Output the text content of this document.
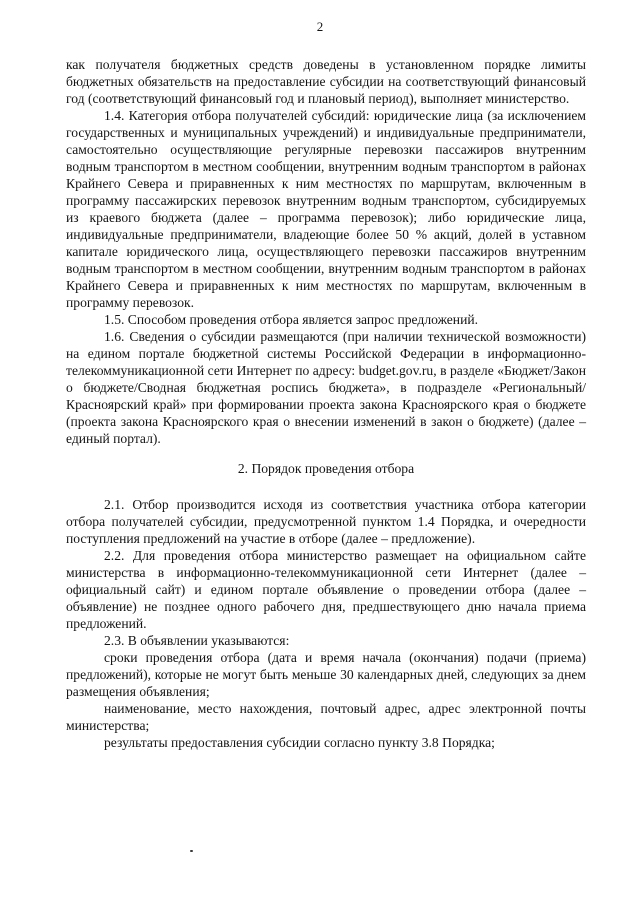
2

как получателя бюджетных средств доведены в установленном порядке лимиты бюджетных обязательств на предоставление субсидии на соответствующий финансовый год (соответствующий финансовый год и плановый период), выполняет министерство.

1.4. Категория отбора получателей субсидий: юридические лица (за исключением государственных и муниципальных учреждений) и индивидуальные предприниматели, самостоятельно осуществляющие регулярные перевозки пассажиров внутренним водным транспортом в местном сообщении, внутренним водным транспортом в районах Крайнего Севера и приравненных к ним местностях по маршрутам, включенным в программу пассажирских перевозок внутренним водным транспортом, субсидируемых из краевого бюджета (далее – программа перевозок); либо юридические лица, индивидуальные предприниматели, владеющие более 50 % акций, долей в уставном капитале юридического лица, осуществляющего перевозки пассажиров внутренним водным транспортом в местном сообщении, внутренним водным транспортом в районах Крайнего Севера и приравненных к ним местностях по маршрутам, включенным в программу перевозок.

1.5. Способом проведения отбора является запрос предложений.

1.6. Сведения о субсидии размещаются (при наличии технической возможности) на едином портале бюджетной системы Российской Федерации в информационно-телекоммуникационной сети Интернет по адресу: budget.gov.ru, в разделе «Бюджет/Закон о бюджете/Сводная бюджетная роспись бюджета», в подразделе «Региональный/Красноярский край» при формировании проекта закона Красноярского края о бюджете (проекта закона Красноярского края о внесении изменений в закон о бюджете) (далее – единый портал).

2. Порядок проведения отбора

2.1. Отбор производится исходя из соответствия участника отбора категории отбора получателей субсидии, предусмотренной пунктом 1.4 Порядка, и очередности поступления предложений на участие в отборе (далее – предложение).

2.2. Для проведения отбора министерство размещает на официальном сайте министерства в информационно-телекоммуникационной сети Интернет (далее – официальный сайт) и едином портале объявление о проведении отбора (далее – объявление) не позднее одного рабочего дня, предшествующего дню начала приема предложений.

2.3. В объявлении указываются:

сроки проведения отбора (дата и время начала (окончания) подачи (приема) предложений), которые не могут быть меньше 30 календарных дней, следующих за днем размещения объявления;

наименование, место нахождения, почтовый адрес, адрес электронной почты министерства;

результаты предоставления субсидии согласно пункту 3.8 Порядка;
